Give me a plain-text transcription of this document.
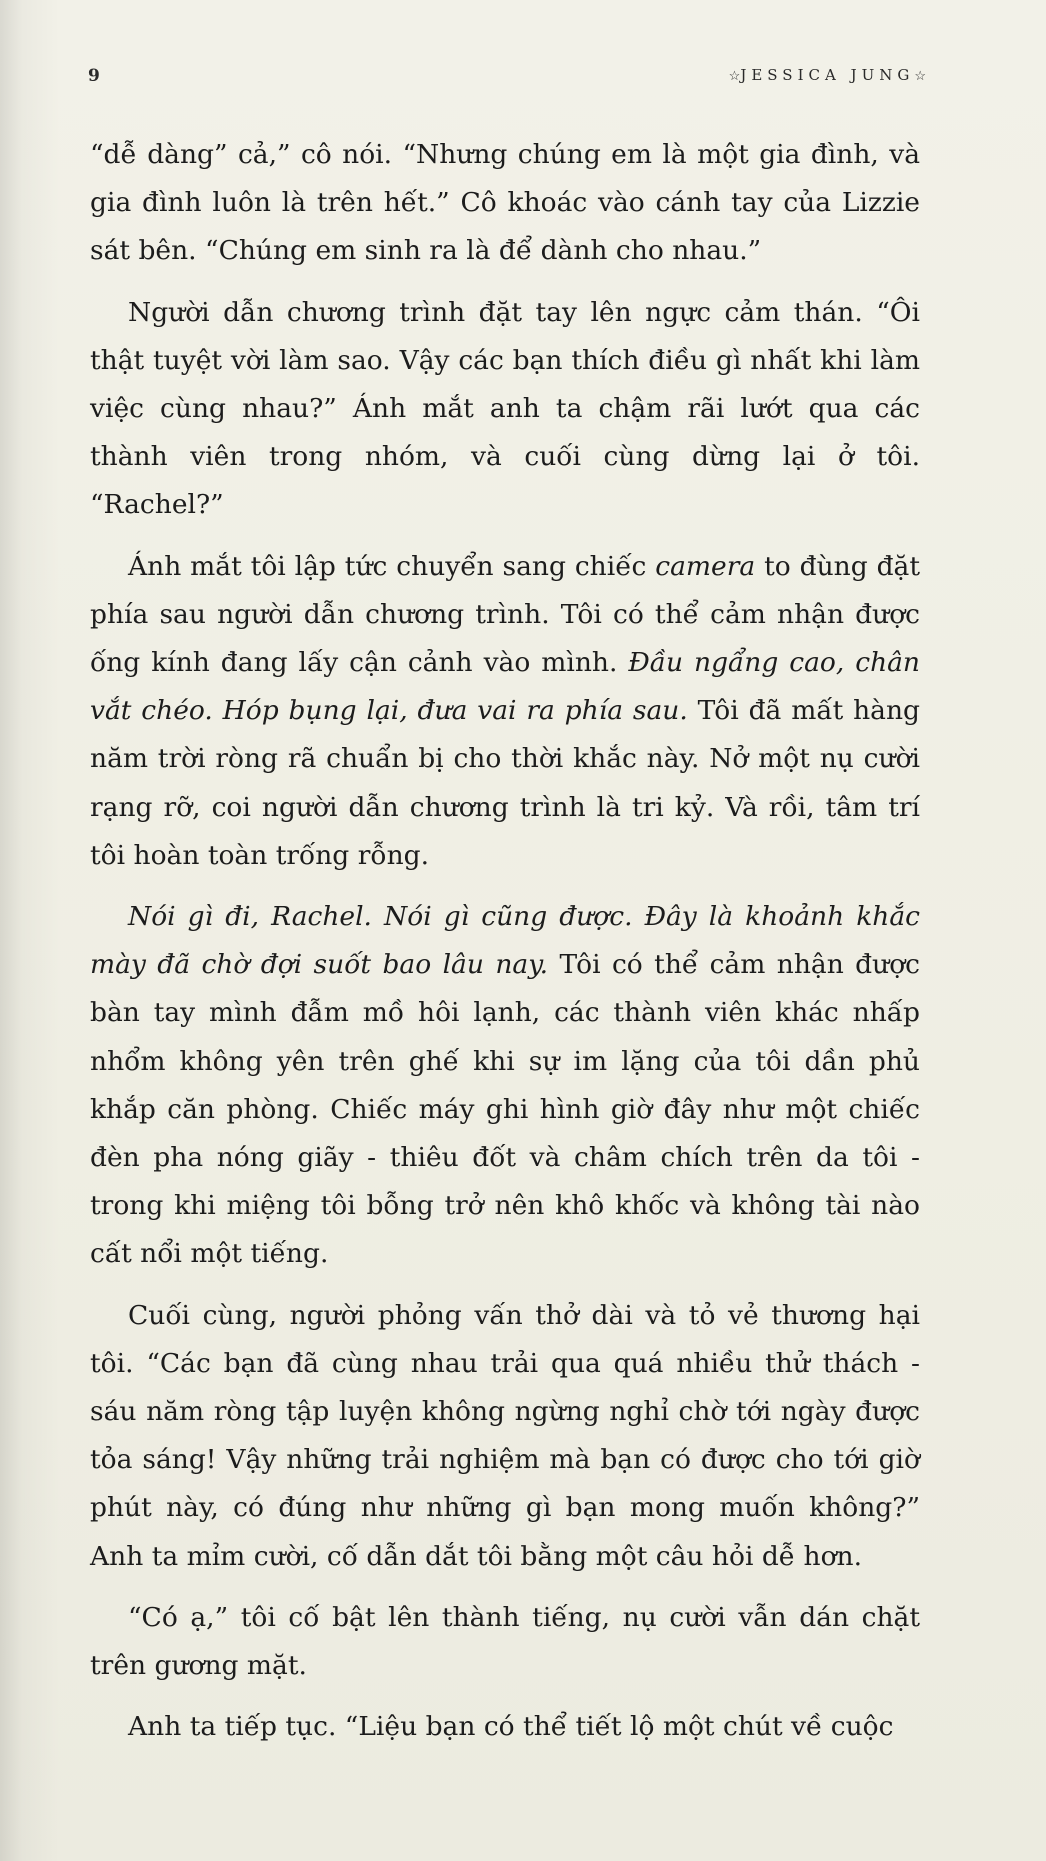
9	☆JESSICA JUNG☆

“dễ dàng” cả,” cô nói. “Nhưng chúng em là một gia đình, và gia đình luôn là trên hết.” Cô khoác vào cánh tay của Lizzie sát bên. “Chúng em sinh ra là để dành cho nhau.”

Người dẫn chương trình đặt tay lên ngực cảm thán. “Ôi thật tuyệt vời làm sao. Vậy các bạn thích điều gì nhất khi làm việc cùng nhau?” Ánh mắt anh ta chậm rãi lướt qua các thành viên trong nhóm, và cuối cùng dừng lại ở tôi. “Rachel?”

Ánh mắt tôi lập tức chuyển sang chiếc camera to đùng đặt phía sau người dẫn chương trình. Tôi có thể cảm nhận được ống kính đang lấy cận cảnh vào mình. Đầu ngẩng cao, chân vắt chéo. Hóp bụng lại, đưa vai ra phía sau. Tôi đã mất hàng năm trời ròng rã chuẩn bị cho thời khắc này. Nở một nụ cười rạng rỡ, coi người dẫn chương trình là tri kỷ. Và rồi, tâm trí tôi hoàn toàn trống rỗng.

Nói gì đi, Rachel. Nói gì cũng được. Đây là khoảnh khắc mày đã chờ đợi suốt bao lâu nay. Tôi có thể cảm nhận được bàn tay mình đẫm mồ hôi lạnh, các thành viên khác nhấp nhổm không yên trên ghế khi sự im lặng của tôi dần phủ khắp căn phòng. Chiếc máy ghi hình giờ đây như một chiếc đèn pha nóng giãy - thiêu đốt và châm chích trên da tôi - trong khi miệng tôi bỗng trở nên khô khốc và không tài nào cất nổi một tiếng.

Cuối cùng, người phỏng vấn thở dài và tỏ vẻ thương hại tôi. “Các bạn đã cùng nhau trải qua quá nhiều thử thách - sáu năm ròng tập luyện không ngừng nghỉ chờ tới ngày được tỏa sáng! Vậy những trải nghiệm mà bạn có được cho tới giờ phút này, có đúng như những gì bạn mong muốn không?” Anh ta mỉm cười, cố dẫn dắt tôi bằng một câu hỏi dễ hơn.

“Có ạ,” tôi cố bật lên thành tiếng, nụ cười vẫn dán chặt trên gương mặt.

Anh ta tiếp tục. “Liệu bạn có thể tiết lộ một chút về cuộc
